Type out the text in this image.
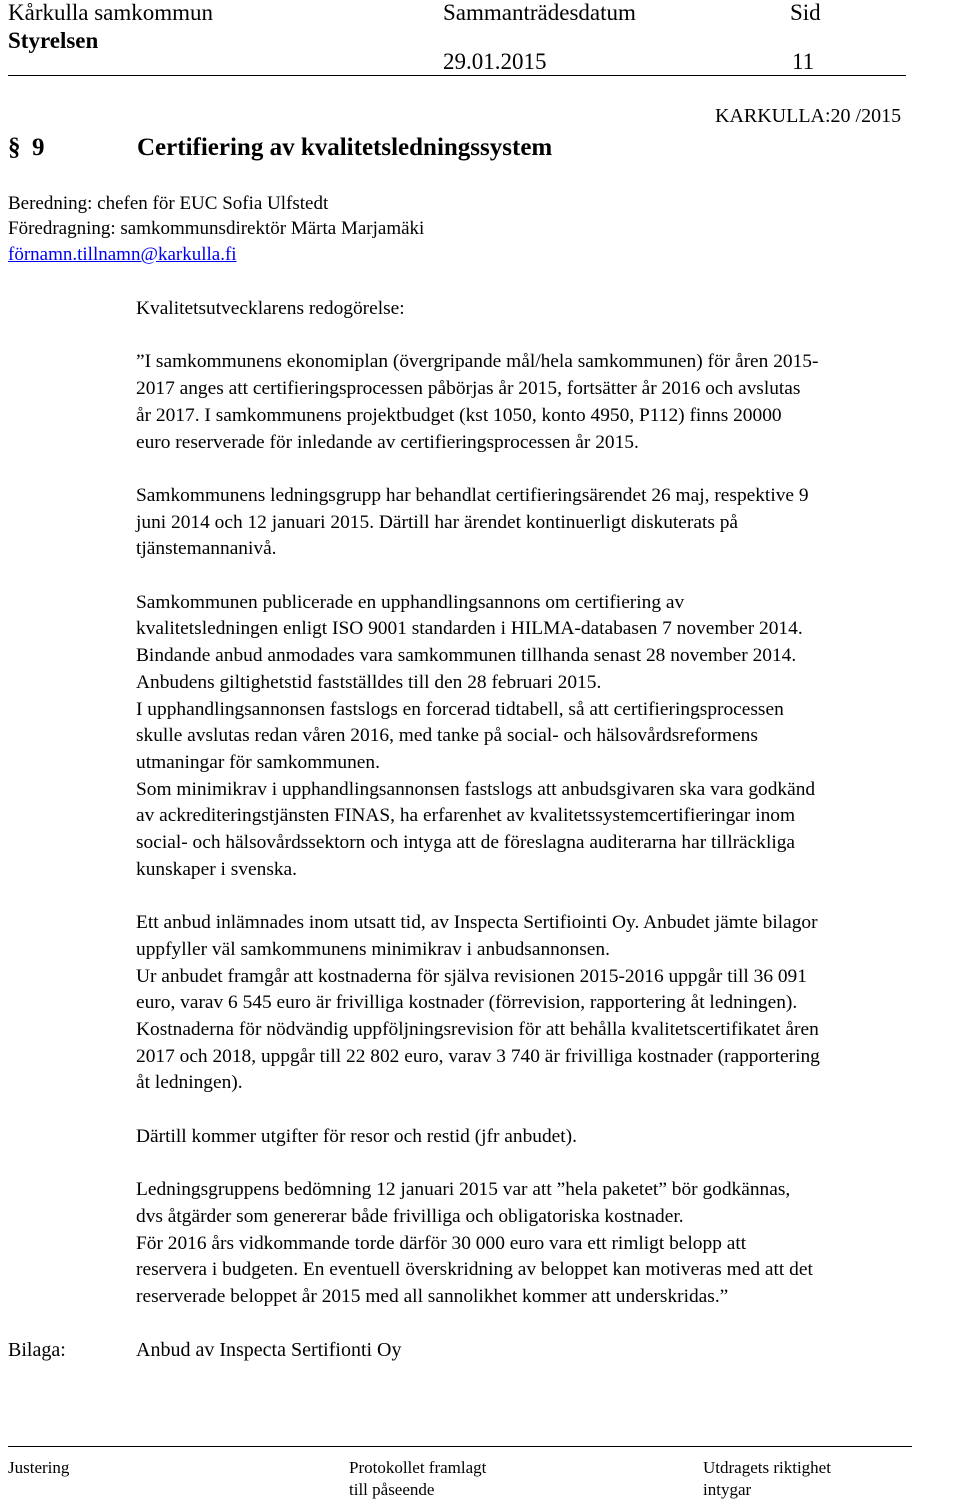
Kårkulla samkommun
Styrelsen
Sammanträdesdatum
29.01.2015
Sid
11
§ 9	Certifiering av kvalitetsledningssystem
KARKULLA:20 /2015
Beredning: chefen för EUC Sofia Ulfstedt
Föredragning: samkommunsdirektör Märta Marjamäki
förnamn.tillnamn@karkulla.fi

Kvalitetsutvecklarens redogörelse:

”I samkommunens ekonomiplan (övergripande mål/hela samkommunen) för åren 2015-

2017 anges att certifieringsprocessen påbörjas år 2015, fortsätter år 2016 och avslutas

år 2017. I samkommunens projektbudget (kst 1050, konto 4950, P112) finns 20000

euro reserverade för inledande av certifieringsprocessen år 2015.

Samkommunens ledningsgrupp har behandlat certifieringsärendet 26 maj, respektive 9

juni 2014 och 12 januari 2015. Därtill har ärendet kontinuerligt diskuterats på

tjänstemannanivå.

Samkommunen publicerade en upphandlingsannons om certifiering av

kvalitetsledningen enligt ISO 9001 standarden i HILMA-databasen 7 november 2014.

Bindande anbud anmodades vara samkommunen tillhanda senast 28 november 2014.

Anbudens giltighetstid fastställdes till den 28 februari 2015.

I upphandlingsannonsen fastslogs en forcerad tidtabell, så att certifieringsprocessen

skulle avslutas redan våren 2016, med tanke på social- och hälsovårdsreformens

utmaningar för samkommunen.

Som minimikrav i upphandlingsannonsen fastslogs att anbudsgivaren ska vara godkänd

av ackrediteringstjänsten FINAS, ha erfarenhet av kvalitetssystemcertifieringar inom

social- och hälsovårdssektorn och intyga att de föreslagna auditerarna har tillräckliga

kunskaper i svenska.

Ett anbud inlämnades inom utsatt tid, av Inspecta Sertifiointi Oy. Anbudet jämte bilagor

uppfyller väl samkommunens minimikrav i anbudsannonsen.

Ur anbudet framgår att kostnaderna för själva revisionen 2015-2016 uppgår till 36 091

euro, varav 6 545 euro är frivilliga kostnader (förrevision, rapportering åt ledningen).

Kostnaderna för nödvändig uppföljningsrevision för att behålla kvalitetscertifikatet åren

2017 och 2018, uppgår till 22 802 euro, varav 3 740 är frivilliga kostnader (rapportering

åt ledningen).

Därtill kommer utgifter för resor och restid (jfr anbudet).

Ledningsgruppens bedömning 12 januari 2015 var att ”hela paketet” bör godkännas,

dvs åtgärder som genererar både frivilliga och obligatoriska kostnader.

För 2016 års vidkommande torde därför 30 000 euro vara ett rimligt belopp att

reservera i budgeten. En eventuell överskridning av beloppet kan motiveras med att det

reserverade beloppet år 2015 med all sannolikhet kommer att underskridas.”

Bilaga:	Anbud av Inspecta Sertifionti Oy
Justering	Protokollet framlagt
till påseende
Utdragets riktighet
intygar
